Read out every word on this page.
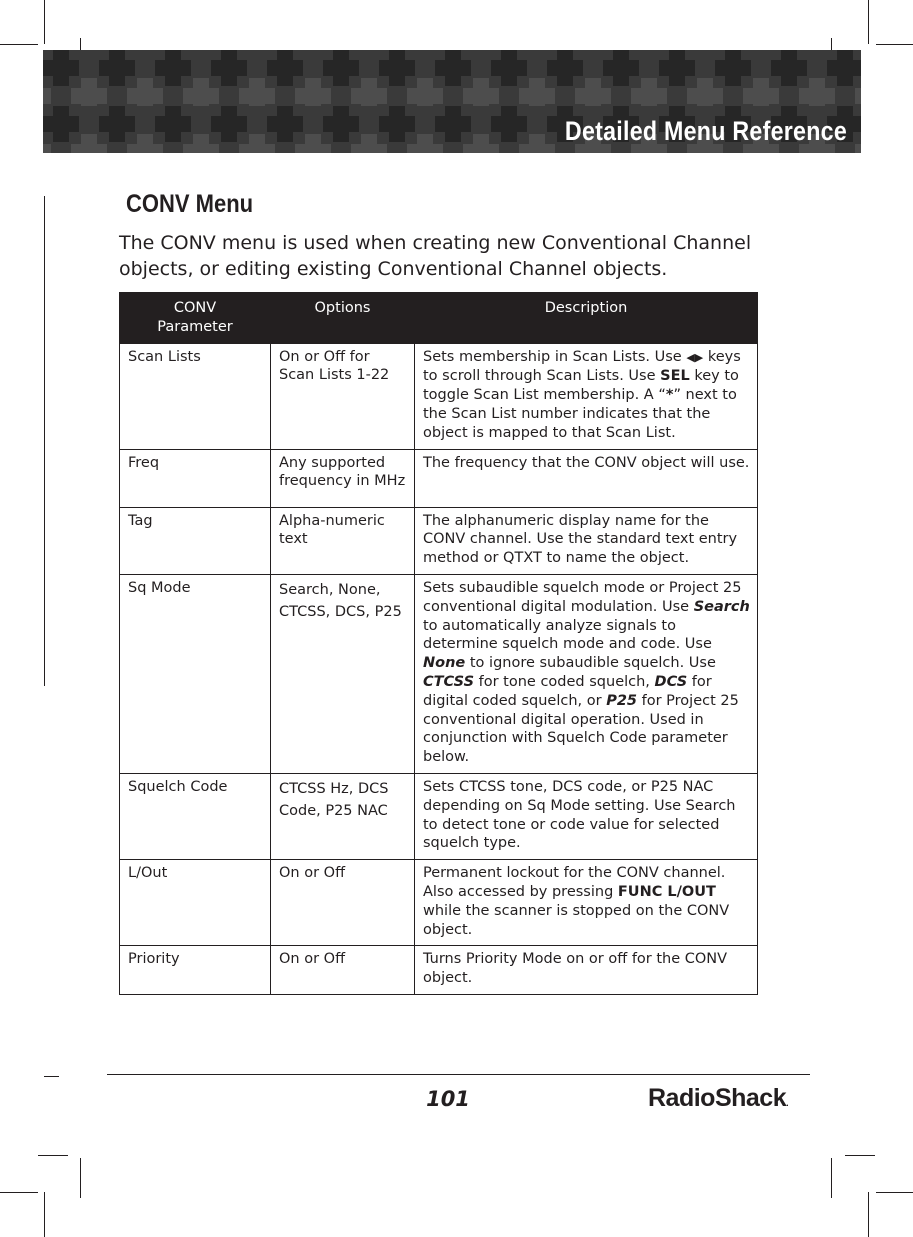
Detailed Menu Reference
CONV Menu
The CONV menu is used when creating new Conventional Channel objects, or editing existing Conventional Channel objects.
CONV Parameter	Options	Description
Scan Lists	On or Off for Scan Lists 1-22	Sets membership in Scan Lists. Use ◀▶ keys to scroll through Scan Lists. Use SEL key to toggle Scan List membership. A “*” next to the Scan List number indicates that the object is mapped to that Scan List.
Freq	Any supported frequency in MHz	The frequency that the CONV object will use.
Tag	Alpha-numeric text	The alphanumeric display name for the CONV channel. Use the standard text entry method or QTXT to name the object.
Sq Mode	Search, None, CTCSS, DCS, P25	Sets subaudible squelch mode or Project 25 conventional digital modulation. Use Search to automatically analyze signals to determine squelch mode and code. Use None to ignore subaudible squelch. Use CTCSS for tone coded squelch, DCS for digital coded squelch, or P25 for Project 25 conventional digital operation. Used in conjunction with Squelch Code parameter below.
Squelch Code	CTCSS Hz, DCS Code, P25 NAC	Sets CTCSS tone, DCS code, or P25 NAC depending on Sq Mode setting. Use Search to detect tone or code value for selected squelch type.
L/Out	On or Off	Permanent lockout for the CONV channel. Also accessed by pressing FUNC L/OUT while the scanner is stopped on the CONV object.
Priority	On or Off	Turns Priority Mode on or off for the CONV object.
101	RadioShack.
